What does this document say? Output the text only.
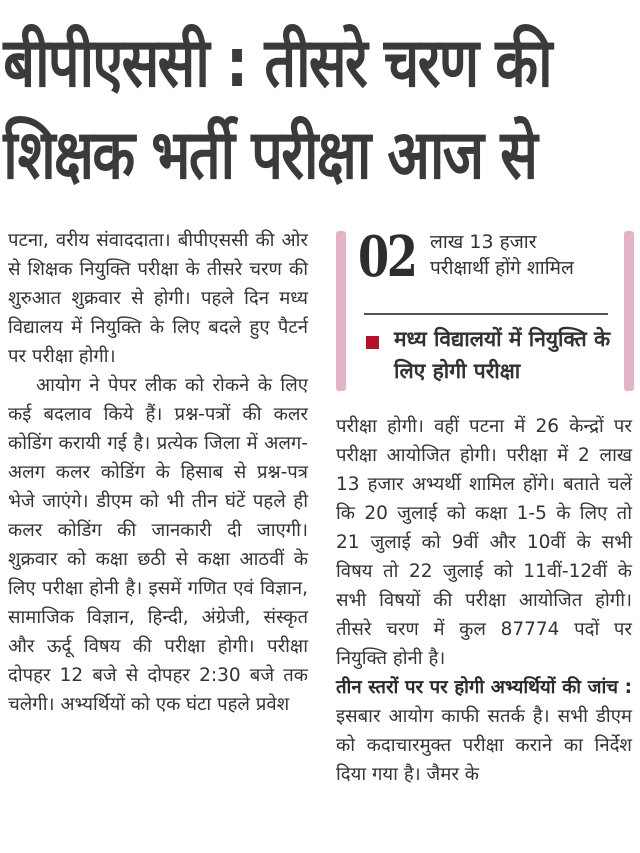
बीपीएससी : तीसरे चरण की
शिक्षक भर्ती परीक्षा आज से

पटना, वरीय संवाददाता। बीपीएससी की ओर से शिक्षक नियुक्ति परीक्षा के तीसरे चरण की शुरुआत शुक्रवार से होगी। पहले दिन मध्य विद्यालय में नियुक्ति के लिए बदले हुए पैटर्न पर परीक्षा होगी।

आयोग ने पेपर लीक को रोकने के लिए कई बदलाव किये हैं। प्रश्न-पत्रों की कलर कोडिंग करायी गई है। प्रत्येक जिला में अलग-अलग कलर कोडिंग के हिसाब से प्रश्न-पत्र भेजे जाएंगे। डीएम को भी तीन घंटें पहले ही कलर कोडिंग की जानकारी दी जाएगी। शुक्रवार को कक्षा छठी से कक्षा आठवीं के लिए परीक्षा होनी है। इसमें गणित एवं विज्ञान, सामाजिक विज्ञान, हिन्दी, अंग्रेजी, संस्कृत और ऊर्दू विषय की परीक्षा होगी। परीक्षा दोपहर 12 बजे से दोपहर 2:30 बजे तक चलेगी। अभ्यर्थियों को एक घंटा पहले प्रवेश

02 लाख 13 हजार
परीक्षार्थी होंगे शामिल
मध्य विद्यालयों में नियुक्ति के लिए होगी परीक्षा

परीक्षा होगी। वहीं पटना में 26 केन्द्रों पर परीक्षा आयोजित होगी। परीक्षा में 2 लाख 13 हजार अभ्यर्थी शामिल होंगे। बताते चलें कि 20 जुलाई को कक्षा 1-5 के लिए तो 21 जुलाई को 9वीं और 10वीं के सभी विषय तो 22 जुलाई को 11वीं-12वीं के सभी विषयों की परीक्षा आयोजित होगी। तीसरे चरण में कुल 87774 पदों पर नियुक्ति होनी है।

तीन स्तरों पर पर होगी अभ्यर्थियों की जांच : इसबार आयोग काफी सतर्क है। सभी डीएम को कदाचारमुक्त परीक्षा कराने का निर्देश दिया गया है। जैमर के
